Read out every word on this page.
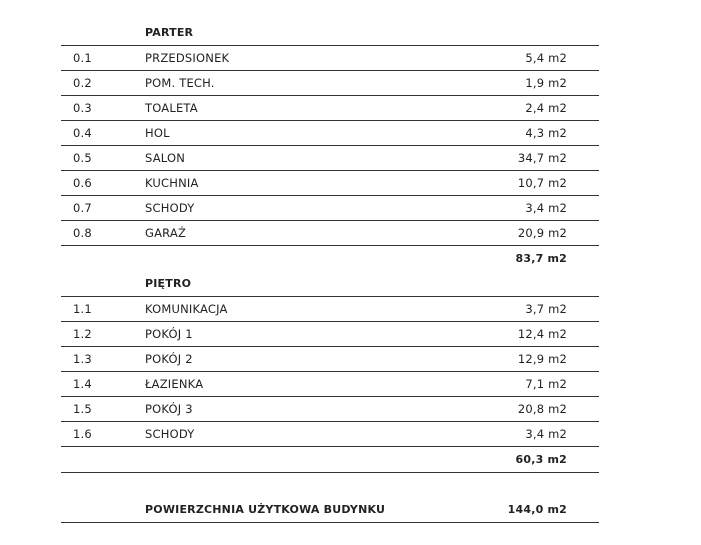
PARTER
0.1	PRZEDSIONEK	5,4 m2
0.2	POM. TECH.	1,9 m2
0.3	TOALETA	2,4 m2
0.4	HOL	4,3 m2
0.5	SALON	34,7 m2
0.6	KUCHNIA	10,7 m2
0.7	SCHODY	3,4 m2
0.8	GARAŻ	20,9 m2
83,7 m2
PIĘTRO
1.1	KOMUNIKACJA	3,7 m2
1.2	POKÓJ 1	12,4 m2
1.3	POKÓJ 2	12,9 m2
1.4	ŁAZIENKA	7,1 m2
1.5	POKÓJ 3	20,8 m2
1.6	SCHODY	3,4 m2
60,3 m2
POWIERZCHNIA UŻYTKOWA BUDYNKU	144,0 m2
